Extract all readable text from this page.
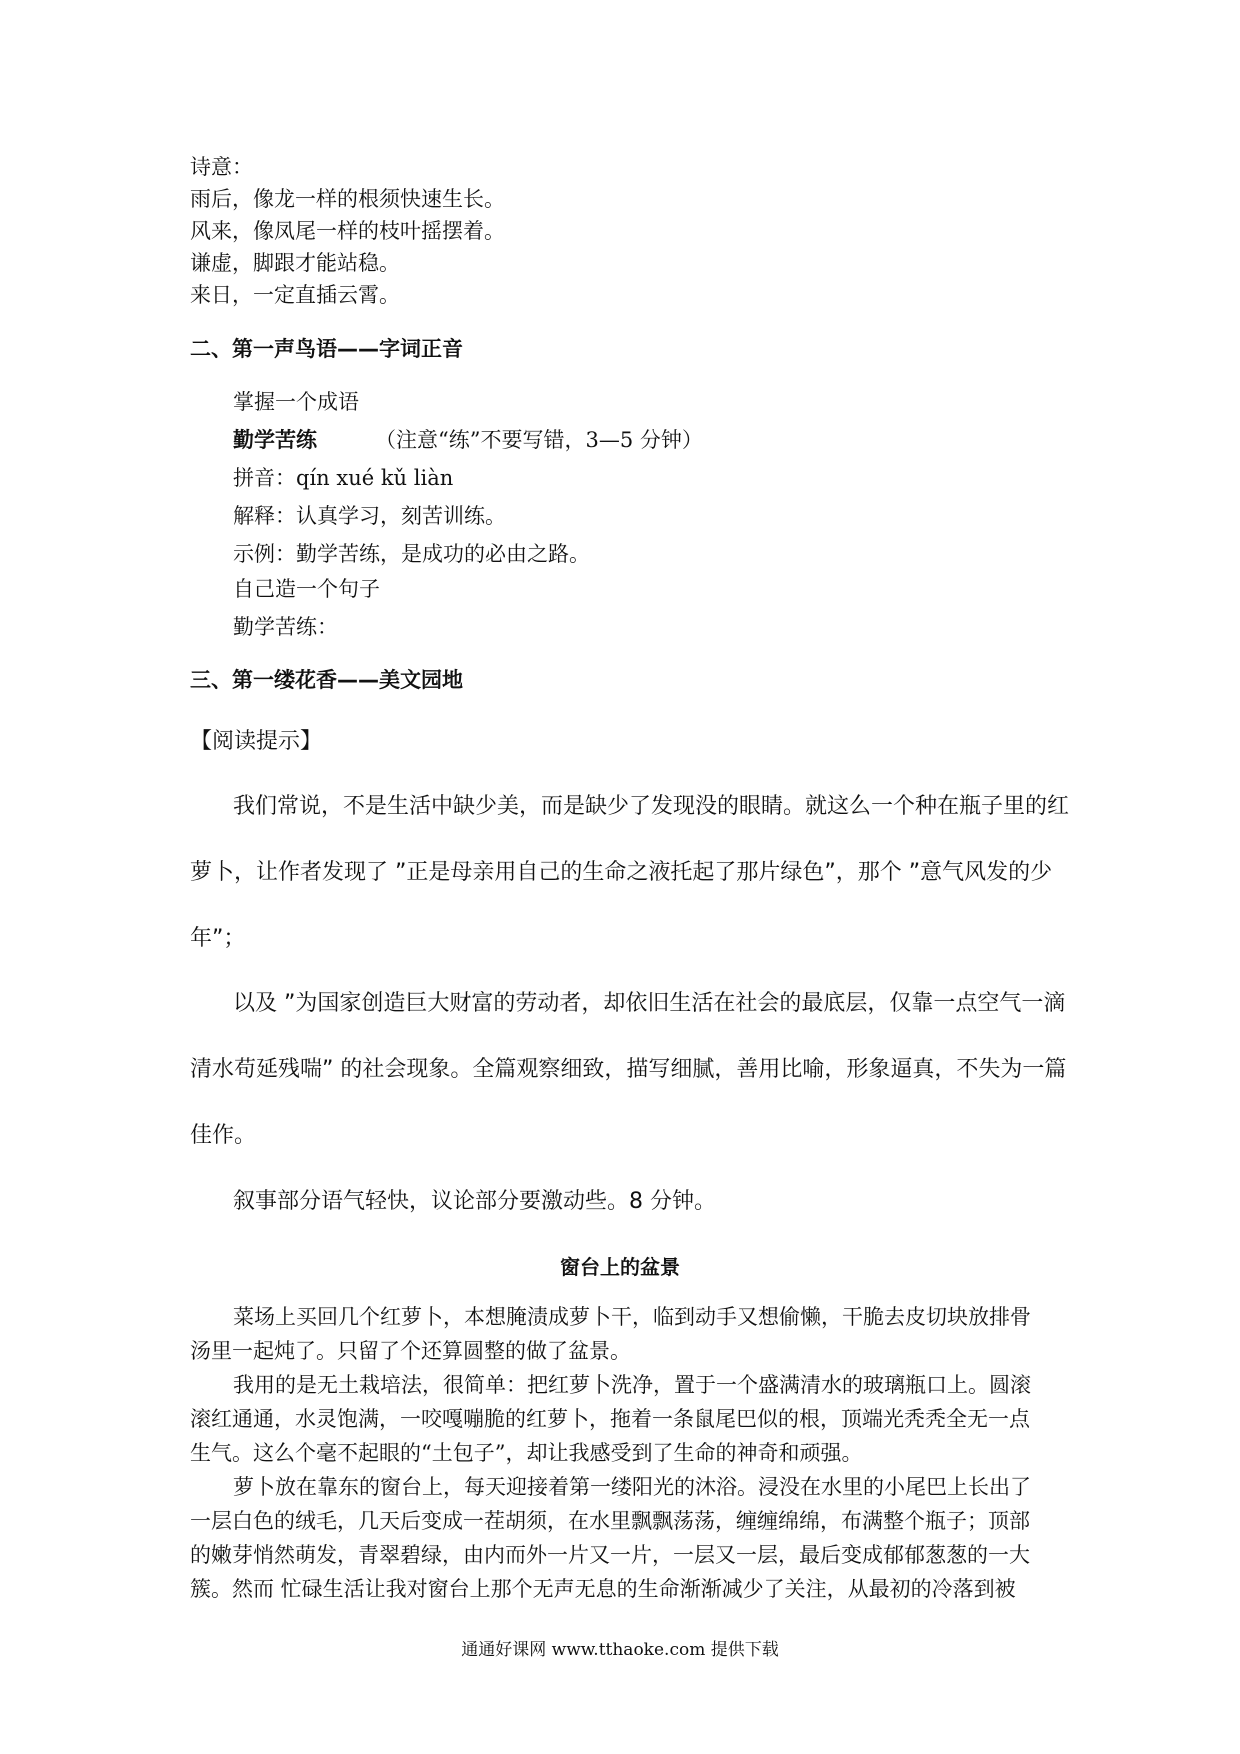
诗意：
雨后，像龙一样的根须快速生长。
风来，像凤尾一样的枝叶摇摆着。
谦虚，脚跟才能站稳。
来日，一定直插云霄。
二、第一声鸟语——字词正音
掌握一个成语
勤学苦练	（注意“练”不要写错，3—5 分钟）
拼音：qín xué kǔ liàn
解释：认真学习，刻苦训练。
示例：勤学苦练，是成功的必由之路。
自己造一个句子
勤学苦练：
三、第一缕花香——美文园地
【阅读提示】
我们常说，不是生活中缺少美，而是缺少了发现没的眼睛。就这么一个种在瓶子里的红
萝卜，让作者发现了 ”正是母亲用自己的生命之液托起了那片绿色”，那个 ”意气风发的少
年”；
以及 ”为国家创造巨大财富的劳动者，却依旧生活在社会的最底层，仅靠一点空气一滴
清水苟延残喘” 的社会现象。全篇观察细致，描写细腻，善用比喻，形象逼真，不失为一篇
佳作。
叙事部分语气轻快，议论部分要激动些。8 分钟。
窗台上的盆景
菜场上买回几个红萝卜，本想腌渍成萝卜干，临到动手又想偷懒，干脆去皮切块放排骨
汤里一起炖了。只留了个还算圆整的做了盆景。
我用的是无土栽培法，很简单：把红萝卜洗净，置于一个盛满清水的玻璃瓶口上。圆滚
滚红通通，水灵饱满，一咬嘎嘣脆的红萝卜，拖着一条鼠尾巴似的根，顶端光秃秃全无一点
生气。这么个毫不起眼的“土包子”，却让我感受到了生命的神奇和顽强。
萝卜放在靠东的窗台上，每天迎接着第一缕阳光的沐浴。浸没在水里的小尾巴上长出了
一层白色的绒毛，几天后变成一茬胡须，在水里飘飘荡荡，缠缠绵绵，布满整个瓶子；顶部
的嫩芽悄然萌发，青翠碧绿，由内而外一片又一片，一层又一层，最后变成郁郁葱葱的一大
簇。然而 忙碌生活让我对窗台上那个无声无息的生命渐渐减少了关注，从最初的冷落到被
通通好课网 www.tthaoke.com 提供下载
